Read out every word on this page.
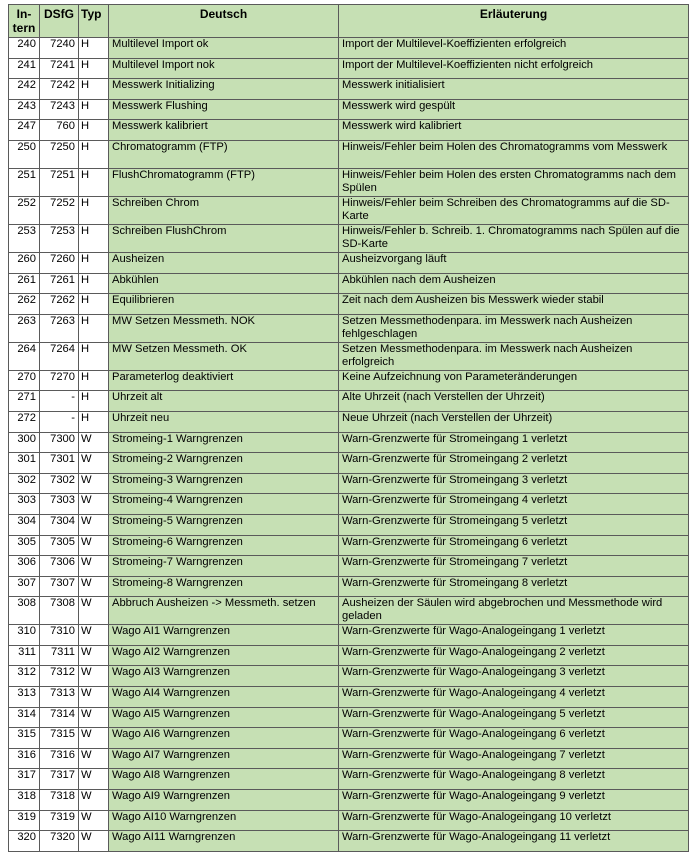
In-
tern	DSfG	Typ	Deutsch	Erläuterung
240	7240	H	Multilevel Import ok	Import der Multilevel-Koeffizienten erfolgreich
241	7241	H	Multilevel Import nok	Import der Multilevel-Koeffizienten nicht erfolgreich
242	7242	H	Messwerk Initializing	Messwerk initialisiert
243	7243	H	Messwerk Flushing	Messwerk wird gespült
247	760	H	Messwerk kalibriert	Messwerk wird kalibriert
250	7250	H	Chromatogramm (FTP)	Hinweis/Fehler beim Holen des Chromatogramms vom Messwerk
251	7251	H	FlushChromatogramm (FTP)	Hinweis/Fehler beim Holen des ersten Chromatogramms nach dem Spülen
252	7252	H	Schreiben Chrom	Hinweis/Fehler beim Schreiben des Chromatogramms auf die SD-Karte
253	7253	H	Schreiben FlushChrom	Hinweis/Fehler b. Schreib. 1. Chromatogramms nach Spülen auf die SD-Karte
260	7260	H	Ausheizen	Ausheizvorgang läuft
261	7261	H	Abkühlen	Abkühlen nach dem Ausheizen
262	7262	H	Equilibrieren	Zeit nach dem Ausheizen bis Messwerk wieder stabil
263	7263	H	MW Setzen Messmeth. NOK	Setzen Messmethodenpara. im Messwerk nach Ausheizen fehlgeschlagen
264	7264	H	MW Setzen Messmeth. OK	Setzen Messmethodenpara. im Messwerk nach Ausheizen erfolgreich
270	7270	H	Parameterlog deaktiviert	Keine Aufzeichnung von Parameteränderungen
271	-	H	Uhrzeit alt	Alte Uhrzeit (nach Verstellen der Uhrzeit)
272	-	H	Uhrzeit neu	Neue Uhrzeit (nach Verstellen der Uhrzeit)
300	7300	W	Stromeing-1 Warngrenzen	Warn-Grenzwerte für Stromeingang 1 verletzt
301	7301	W	Stromeing-2 Warngrenzen	Warn-Grenzwerte für Stromeingang 2 verletzt
302	7302	W	Stromeing-3 Warngrenzen	Warn-Grenzwerte für Stromeingang 3 verletzt
303	7303	W	Stromeing-4 Warngrenzen	Warn-Grenzwerte für Stromeingang 4 verletzt
304	7304	W	Stromeing-5 Warngrenzen	Warn-Grenzwerte für Stromeingang 5 verletzt
305	7305	W	Stromeing-6 Warngrenzen	Warn-Grenzwerte für Stromeingang 6 verletzt
306	7306	W	Stromeing-7 Warngrenzen	Warn-Grenzwerte für Stromeingang 7 verletzt
307	7307	W	Stromeing-8 Warngrenzen	Warn-Grenzwerte für Stromeingang 8 verletzt
308	7308	W	Abbruch Ausheizen -> Messmeth. setzen	Ausheizen der Säulen wird abgebrochen und Messmethode wird geladen
310	7310	W	Wago AI1 Warngrenzen	Warn-Grenzwerte für Wago-Analogeingang 1 verletzt
311	7311	W	Wago AI2 Warngrenzen	Warn-Grenzwerte für Wago-Analogeingang 2 verletzt
312	7312	W	Wago AI3 Warngrenzen	Warn-Grenzwerte für Wago-Analogeingang 3 verletzt
313	7313	W	Wago AI4 Warngrenzen	Warn-Grenzwerte für Wago-Analogeingang 4 verletzt
314	7314	W	Wago AI5 Warngrenzen	Warn-Grenzwerte für Wago-Analogeingang 5 verletzt
315	7315	W	Wago AI6 Warngrenzen	Warn-Grenzwerte für Wago-Analogeingang 6 verletzt
316	7316	W	Wago AI7 Warngrenzen	Warn-Grenzwerte für Wago-Analogeingang 7 verletzt
317	7317	W	Wago AI8 Warngrenzen	Warn-Grenzwerte für Wago-Analogeingang 8 verletzt
318	7318	W	Wago AI9 Warngrenzen	Warn-Grenzwerte für Wago-Analogeingang 9 verletzt
319	7319	W	Wago AI10 Warngrenzen	Warn-Grenzwerte für Wago-Analogeingang 10 verletzt
320	7320	W	Wago AI11 Warngrenzen	Warn-Grenzwerte für Wago-Analogeingang 11 verletzt
